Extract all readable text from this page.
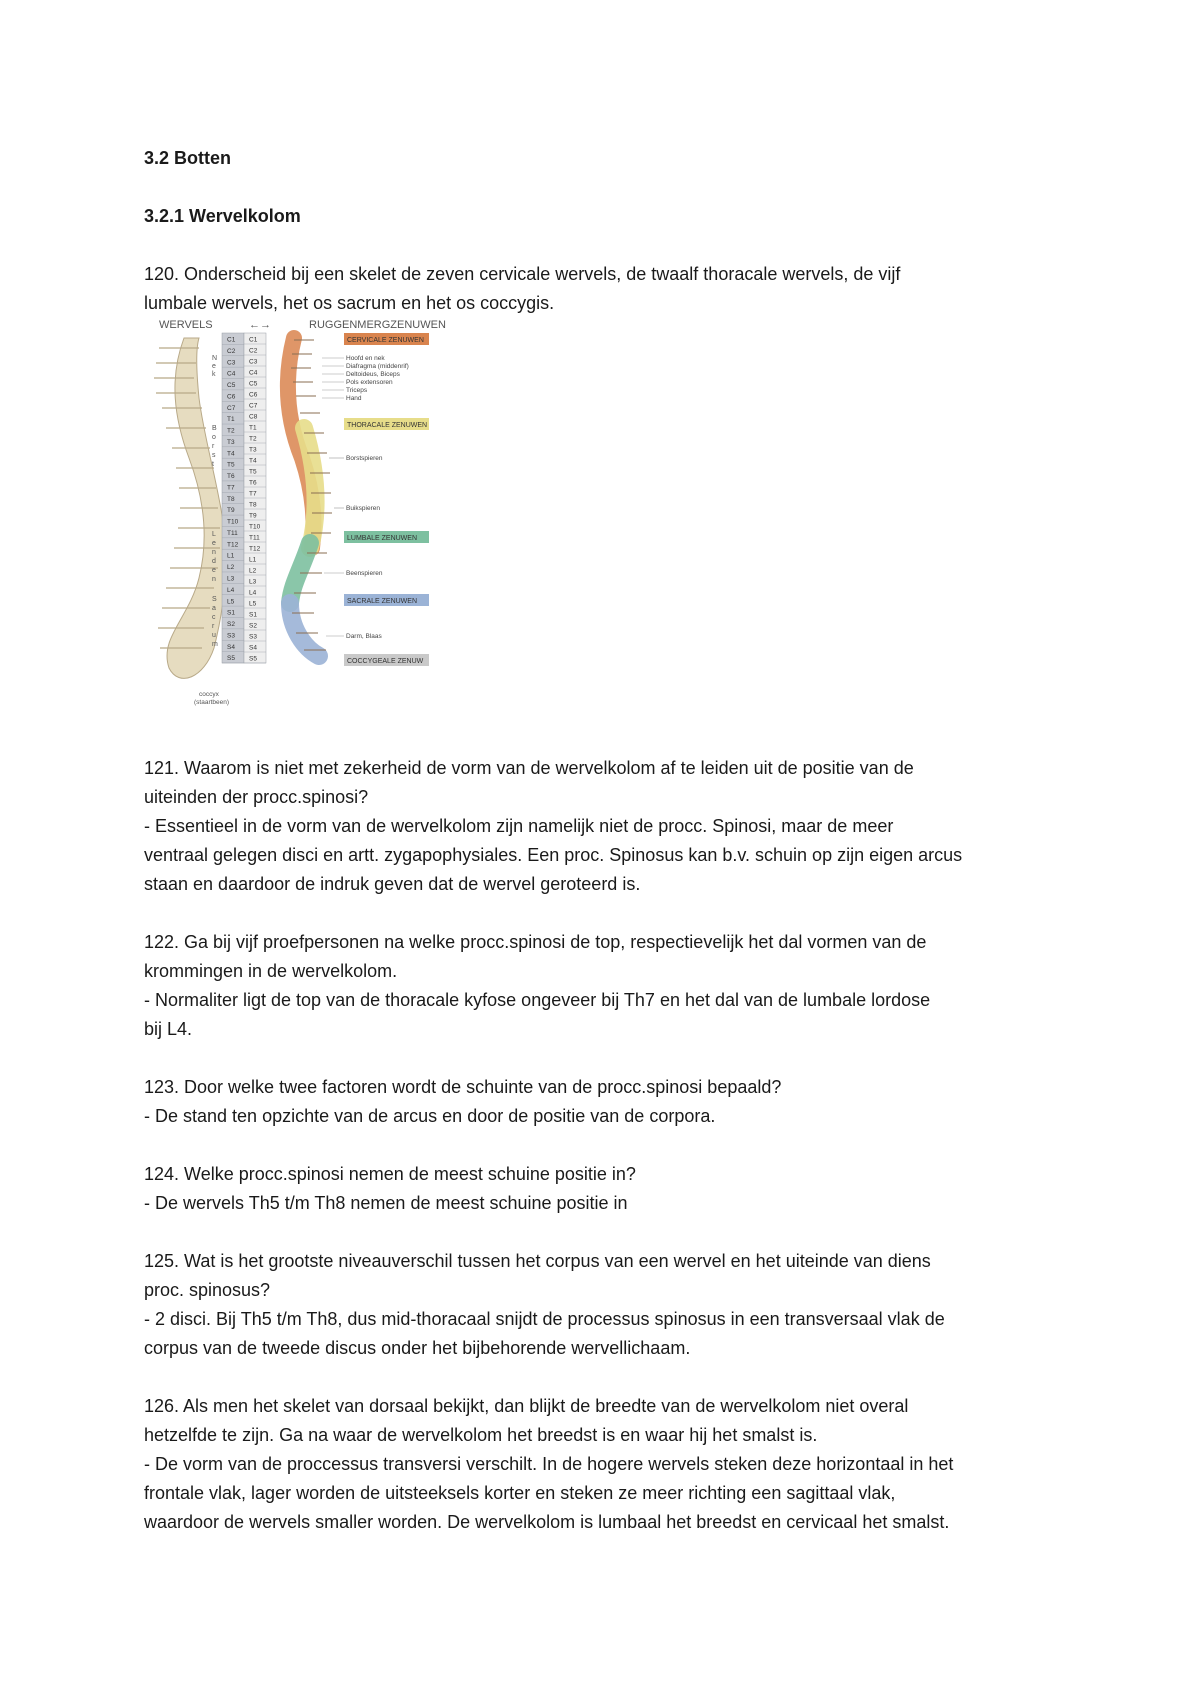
3.2 Botten
3.2.1 Wervelkolom

120. Onderscheid bij een skelet de zeven cervicale wervels, de twaalf thoracale wervels, de vijf

lumbale wervels, het os sacrum en het os coccygis.

WERVELS	←→	RUGGENMERGZENUWEN
C1
C2
C3
C4
C5
C6
C7
T1
T2
T3
T4
T5
T6
T7
T8
T9
T10
T11
T12
L1
L2
L3
L4
L5
S1
S2
S3
S4
S5
C1
C2
C3
C4
C5
C6
C7
C8
T1
T2
T3
T4
T5
T6
T7
T8
T9
T10
T11
T12
L1
L2
L3
L4
L5
S1
S2
S3
S4
S5
N
e
k
B
o
r
s
t
L
e
n
d
e
n
S
a
c
r
u
m
coccyx
(staartbeen)
CERVICALE ZENUWEN
THORACALE ZENUWEN
LUMBALE ZENUWEN
SACRALE ZENUWEN
COCCYGEALE ZENUW
Hoofd en nek
Diafragma (middenrif)
Deltoideus, Biceps
Pols extensoren
Triceps
Hand
Borstspieren
Buikspieren
Beenspieren
Darm, Blaas

121. Waarom is niet met zekerheid de vorm van de wervelkolom af te leiden uit de positie van de

uiteinden der procc.spinosi?

- Essentieel in de vorm van de wervelkolom zijn namelijk niet de procc. Spinosi, maar de meer

ventraal gelegen disci en artt. zygapophysiales. Een proc. Spinosus kan b.v. schuin op zijn eigen arcus

staan en daardoor de indruk geven dat de wervel geroteerd is.

122. Ga bij vijf proefpersonen na welke procc.spinosi de top, respectievelijk het dal vormen van de

krommingen in de wervelkolom.

- Normaliter ligt de top van de thoracale kyfose ongeveer bij Th7 en het dal van de lumbale lordose

bij L4.

123. Door welke twee factoren wordt de schuinte van de procc.spinosi bepaald?

- De stand ten opzichte van de arcus en door de positie van de corpora.

124. Welke procc.spinosi nemen de meest schuine positie in?

- De wervels Th5 t/m Th8 nemen de meest schuine positie in

125. Wat is het grootste niveauverschil tussen het corpus van een wervel en het uiteinde van diens

proc. spinosus?

- 2 disci. Bij Th5 t/m Th8, dus mid-thoracaal snijdt de processus spinosus in een transversaal vlak de

corpus van de tweede discus onder het bijbehorende wervellichaam.

126. Als men het skelet van dorsaal bekijkt, dan blijkt de breedte van de wervelkolom niet overal

hetzelfde te zijn. Ga na waar de wervelkolom het breedst is en waar hij het smalst is.

- De vorm van de proccessus transversi verschilt. In de hogere wervels steken deze horizontaal in het

frontale vlak, lager worden de uitsteeksels korter en steken ze meer richting een sagittaal vlak,

waardoor de wervels smaller worden. De wervelkolom is lumbaal het breedst en cervicaal het smalst.
